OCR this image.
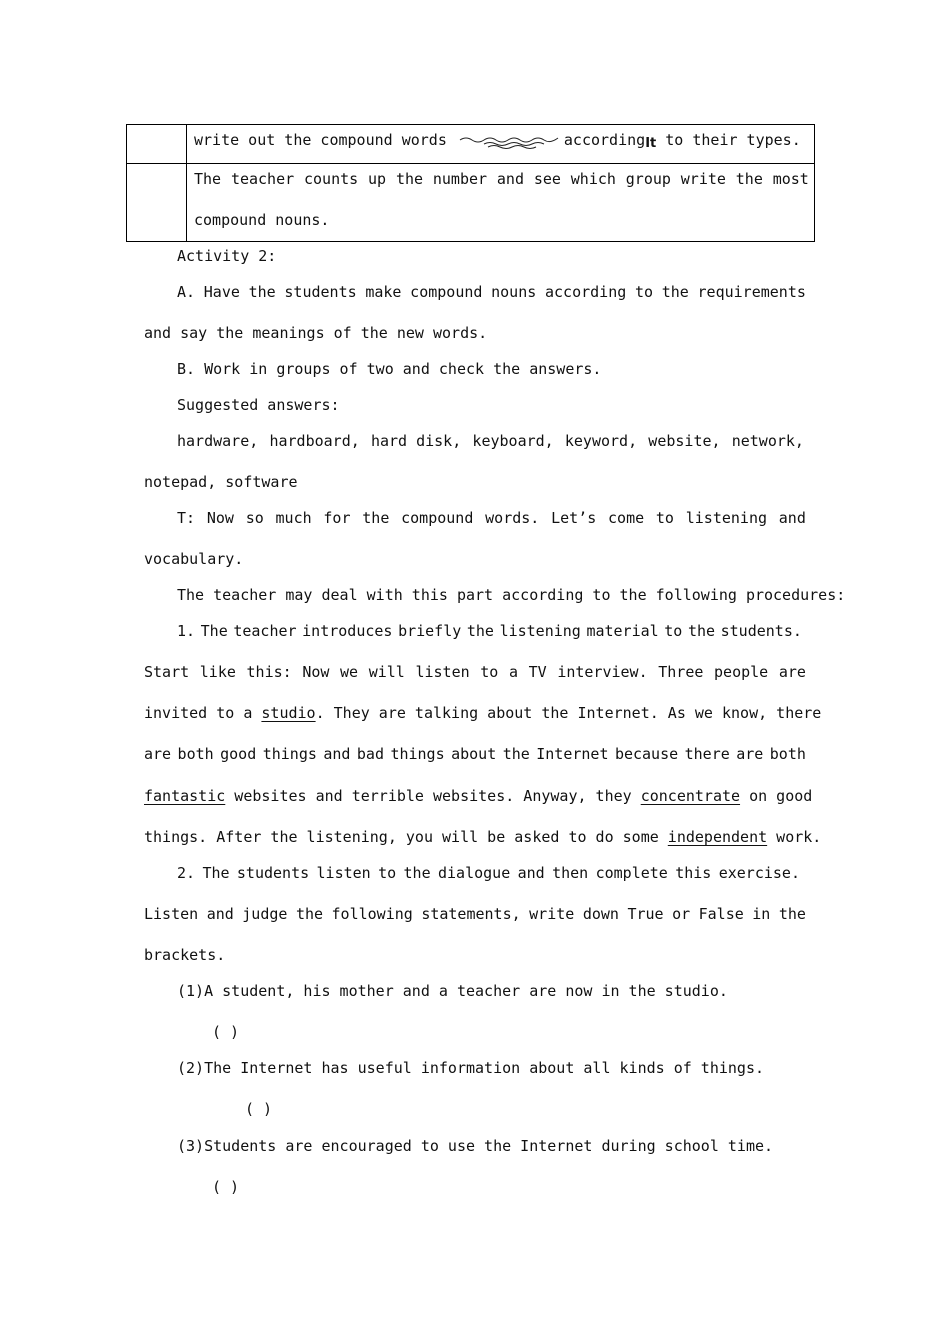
write out the compound words	accordingIt to their types.
The teacher counts up the number and see which group write the most
compound nouns.
Activity 2:
A. Have the students make compound nouns according to the requirements
and say the meanings of the new words.
B. Work in groups of two and check the answers.
Suggested answers:
hardware, hardboard, hard disk, keyboard, keyword, website, network,
notepad, software
T: Now so much for the compound words. Let’s come to listening and
vocabulary.
The teacher may deal with this part according to the following procedures:
1. The teacher introduces briefly the listening material to the students.
Start like this: Now we will listen to a TV interview. Three people are
invited to a studio. They are talking about the Internet. As we know, there
are both good things and bad things about the Internet because there are both
fantastic websites and terrible websites. Anyway, they concentrate on good
things. After the listening, you will be asked to do some independent work.
2. The students listen to the dialogue and then complete this exercise.
Listen and judge the following statements, write down True or False in the
brackets.
(1)A student, his mother and a teacher are now in the studio.
( )
(2)The Internet has useful information about all kinds of things.
( )
(3)Students are encouraged to use the Internet during school time.
( )
